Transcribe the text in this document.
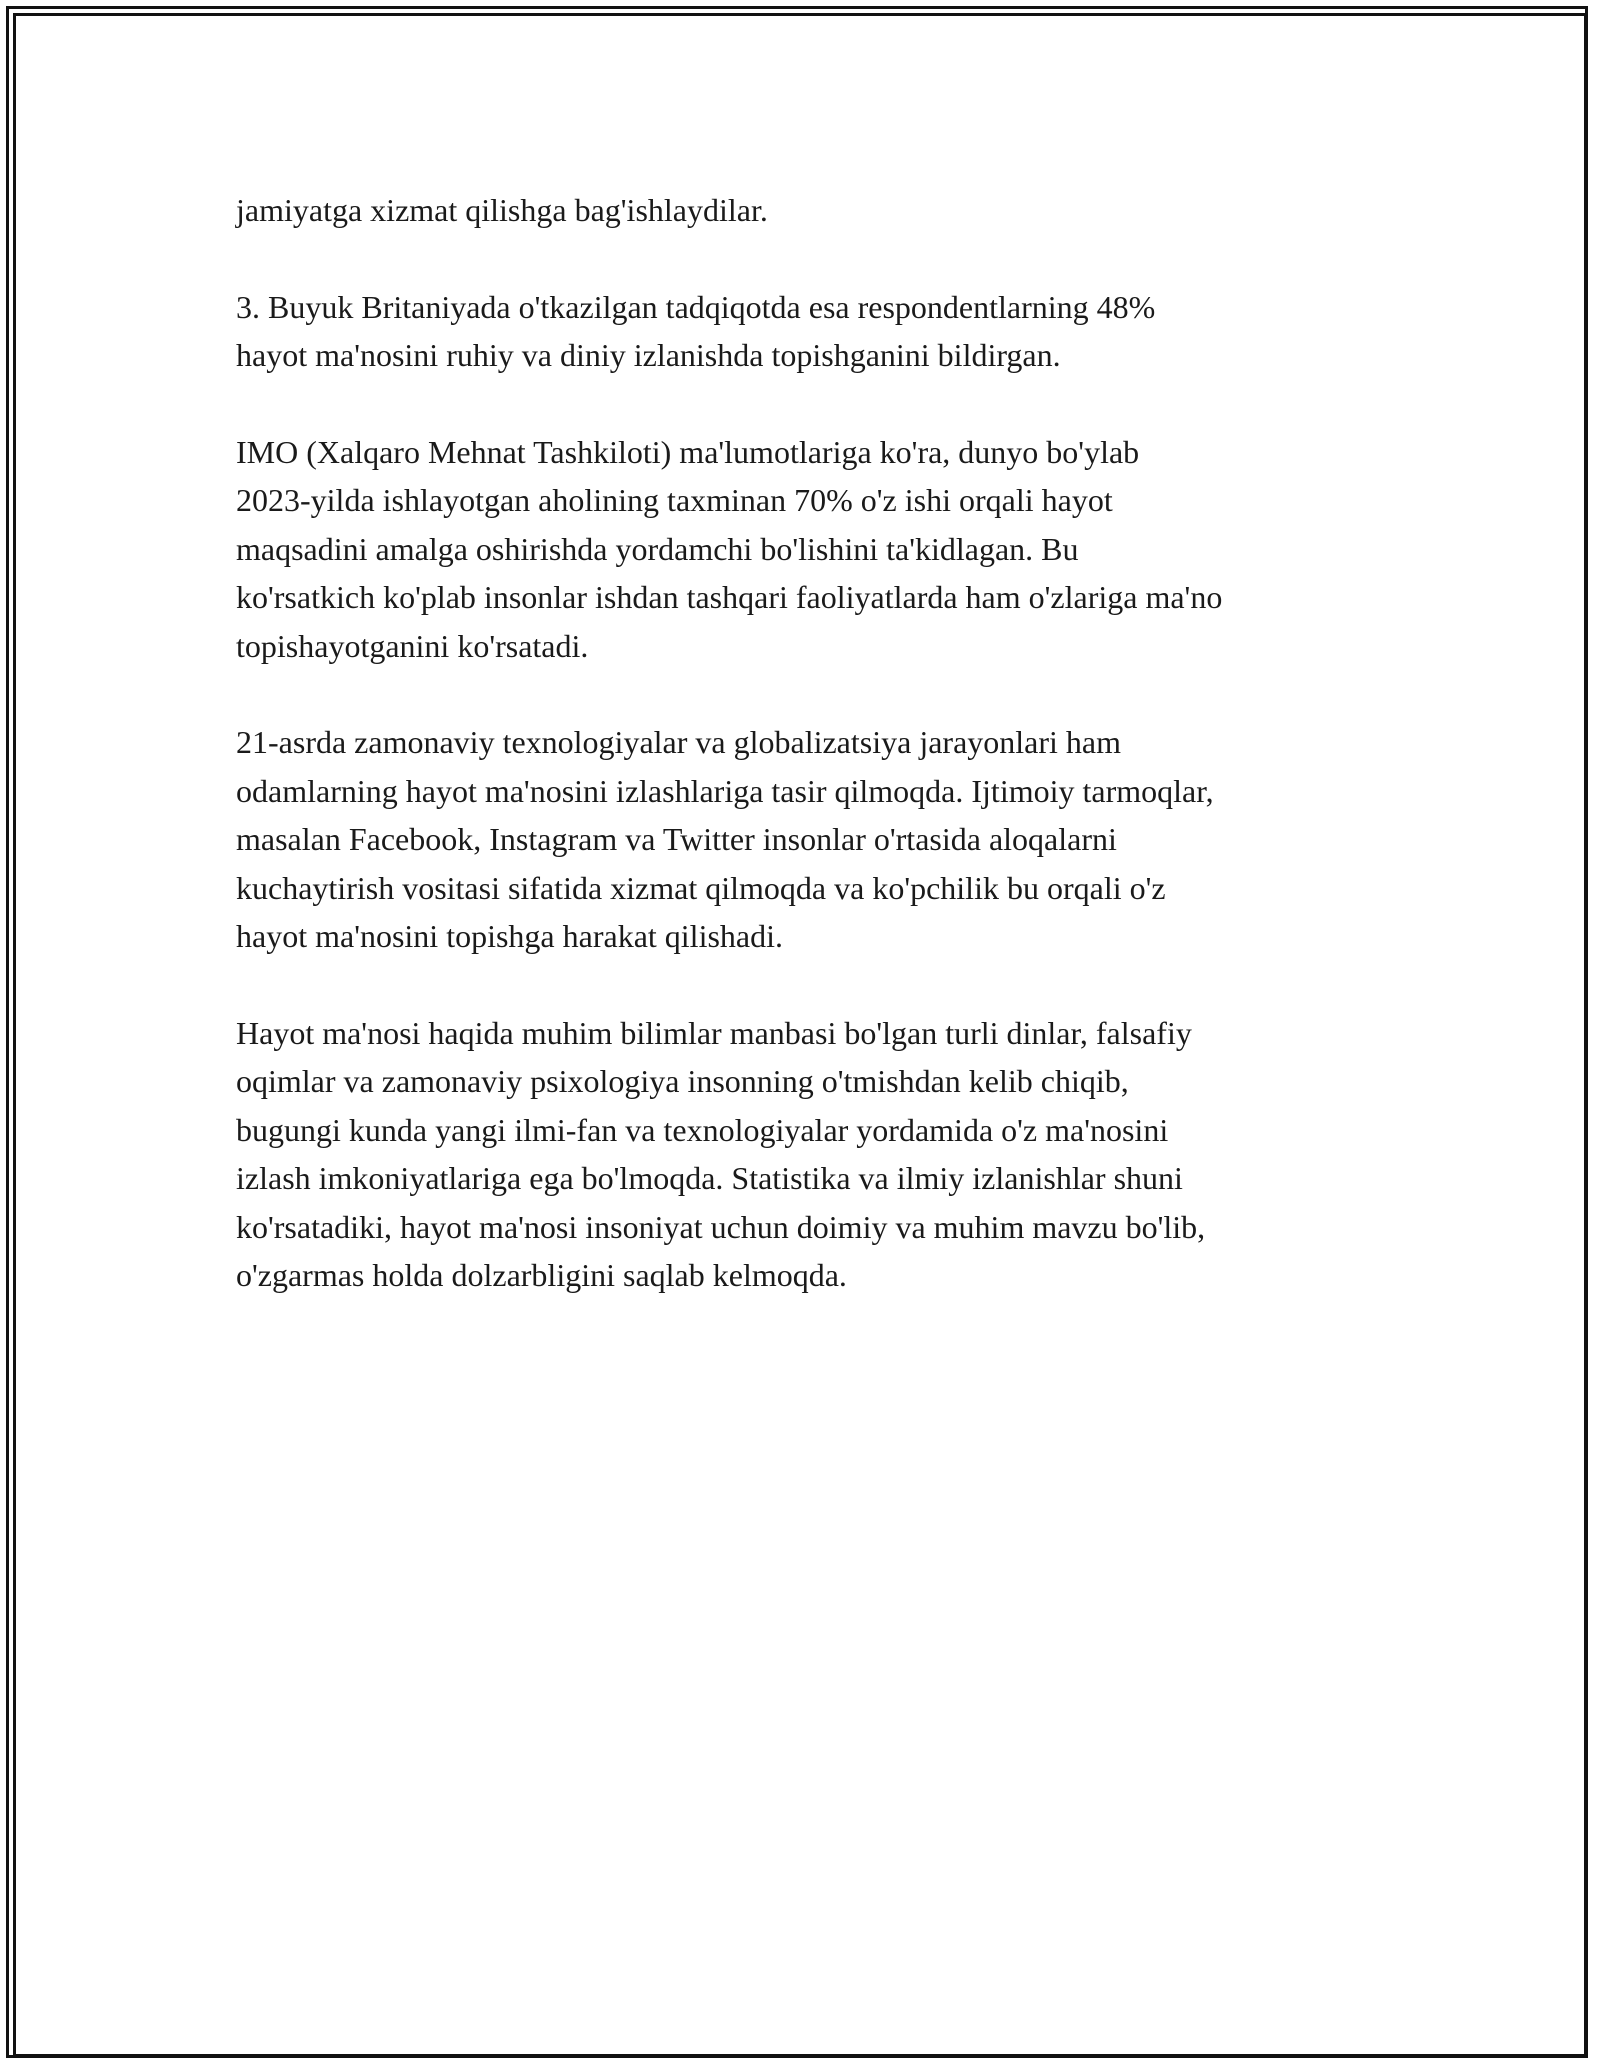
jamiyatga xizmat qilishga bag'ishlaydilar.

3. Buyuk Britaniyada o'tkazilgan tadqiqotda esa respondentlarning 48%
hayot ma'nosini ruhiy va diniy izlanishda topishganini bildirgan.

IMO (Xalqaro Mehnat Tashkiloti) ma'lumotlariga ko'ra, dunyo bo'ylab
2023-yilda ishlayotgan aholining taxminan 70% o'z ishi orqali hayot
maqsadini amalga oshirishda yordamchi bo'lishini ta'kidlagan. Bu
ko'rsatkich ko'plab insonlar ishdan tashqari faoliyatlarda ham o'zlariga ma'no
topishayotganini ko'rsatadi.

21-asrda zamonaviy texnologiyalar va globalizatsiya jarayonlari ham
odamlarning hayot ma'nosini izlashlariga tasir qilmoqda. Ijtimoiy tarmoqlar,
masalan Facebook, Instagram va Twitter insonlar o'rtasida aloqalarni
kuchaytirish vositasi sifatida xizmat qilmoqda va ko'pchilik bu orqali o'z
hayot ma'nosini topishga harakat qilishadi.

Hayot ma'nosi haqida muhim bilimlar manbasi bo'lgan turli dinlar, falsafiy
oqimlar va zamonaviy psixologiya insonning o'tmishdan kelib chiqib,
bugungi kunda yangi ilmi-fan va texnologiyalar yordamida o'z ma'nosini
izlash imkoniyatlariga ega bo'lmoqda. Statistika va ilmiy izlanishlar shuni
ko'rsatadiki, hayot ma'nosi insoniyat uchun doimiy va muhim mavzu bo'lib,
o'zgarmas holda dolzarbligini saqlab kelmoqda.
